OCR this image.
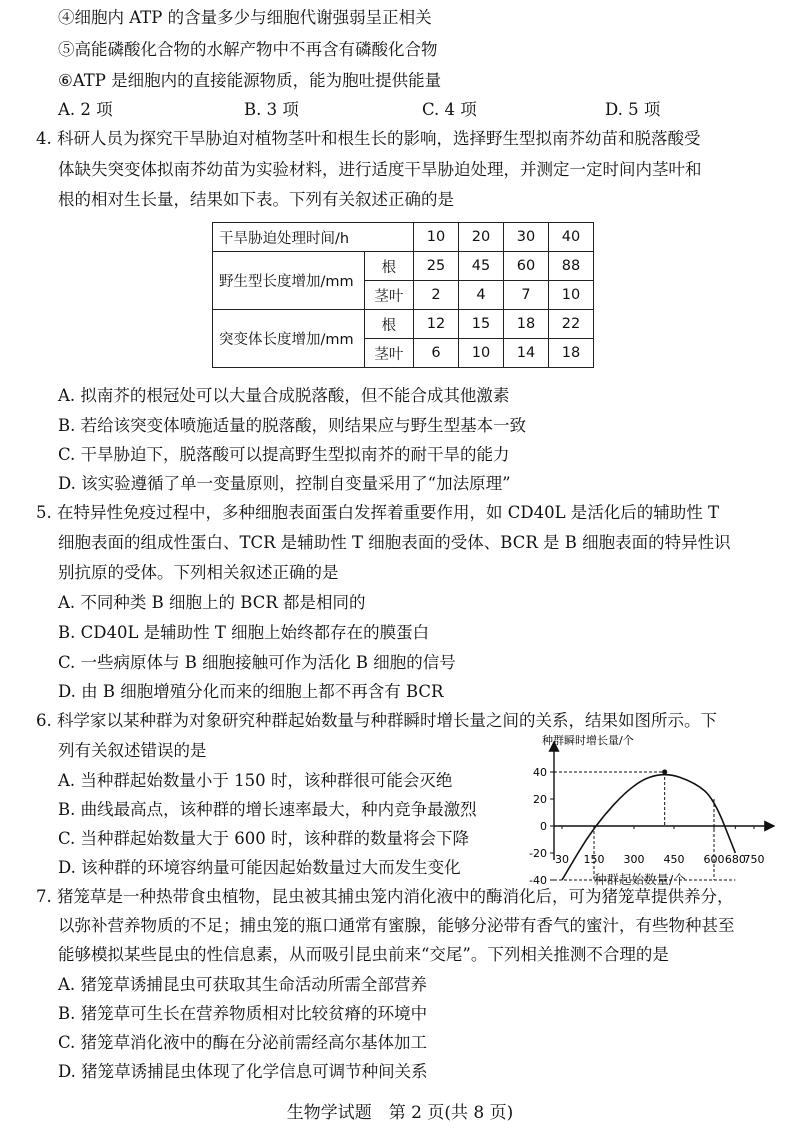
④细胞内 ATP 的含量多少与细胞代谢强弱呈正相关
⑤高能磷酸化合物的水解产物中不再含有磷酸化合物
⑥ATP 是细胞内的直接能源物质，能为胞吐提供能量
A. 2 项	B. 3 项	C. 4 项	D. 5 项
4. 科研人员为探究干旱胁迫对植物茎叶和根生长的影响，选择野生型拟南芥幼苗和脱落酸受
体缺失突变体拟南芥幼苗为实验材料，进行适度干旱胁迫处理，并测定一定时间内茎叶和
根的相对生长量，结果如下表。下列有关叙述正确的是
干旱胁迫处理时间/h		10	20	30	40
野生型长度增加/mm	根	25	45	60	88
	茎叶	2	4	7	10
突变体长度增加/mm	根	12	15	18	22
	茎叶	6	10	14	18
A. 拟南芥的根冠处可以大量合成脱落酸，但不能合成其他激素
B. 若给该突变体喷施适量的脱落酸，则结果应与野生型基本一致
C. 干旱胁迫下，脱落酸可以提高野生型拟南芥的耐干旱的能力
D. 该实验遵循了单一变量原则，控制自变量采用了“加法原理”
5. 在特异性免疫过程中，多种细胞表面蛋白发挥着重要作用，如 CD40L 是活化后的辅助性 T
细胞表面的组成性蛋白、TCR 是辅助性 T 细胞表面的受体、BCR 是 B 细胞表面的特异性识
别抗原的受体。下列相关叙述正确的是
A. 不同种类 B 细胞上的 BCR 都是相同的
B. CD40L 是辅助性 T 细胞上始终都存在的膜蛋白
C. 一些病原体与 B 细胞接触可作为活化 B 细胞的信号
D. 由 B 细胞增殖分化而来的细胞上都不再含有 BCR
6. 科学家以某种群为对象研究种群起始数量与种群瞬时增长量之间的关系，结果如图所示。下
列有关叙述错误的是
A. 当种群起始数量小于 150 时，该种群很可能会灭绝
B. 曲线最高点，该种群的增长速率最大，种内竞争最激烈
C. 当种群起始数量大于 600 时，该种群的数量将会下降
D. 该种群的环境容纳量可能因起始数量过大而发生变化
种群瞬时增长量/个
40
20
0
-20
-40
30 150 300 450 600 680
750
种群起始数量/个
7. 猪笼草是一种热带食虫植物，昆虫被其捕虫笼内消化液中的酶消化后，可为猪笼草提供养分，
以弥补营养物质的不足；捕虫笼的瓶口通常有蜜腺，能够分泌带有香气的蜜汁，有些物种甚至
能够模拟某些昆虫的性信息素，从而吸引昆虫前来“交尾”。下列相关推测不合理的是
A. 猪笼草诱捕昆虫可获取其生命活动所需全部营养
B. 猪笼草可生长在营养物质相对比较贫瘠的环境中
C. 猪笼草消化液中的酶在分泌前需经高尔基体加工
D. 猪笼草诱捕昆虫体现了化学信息可调节种间关系
生物学试题　第 2 页(共 8 页)
